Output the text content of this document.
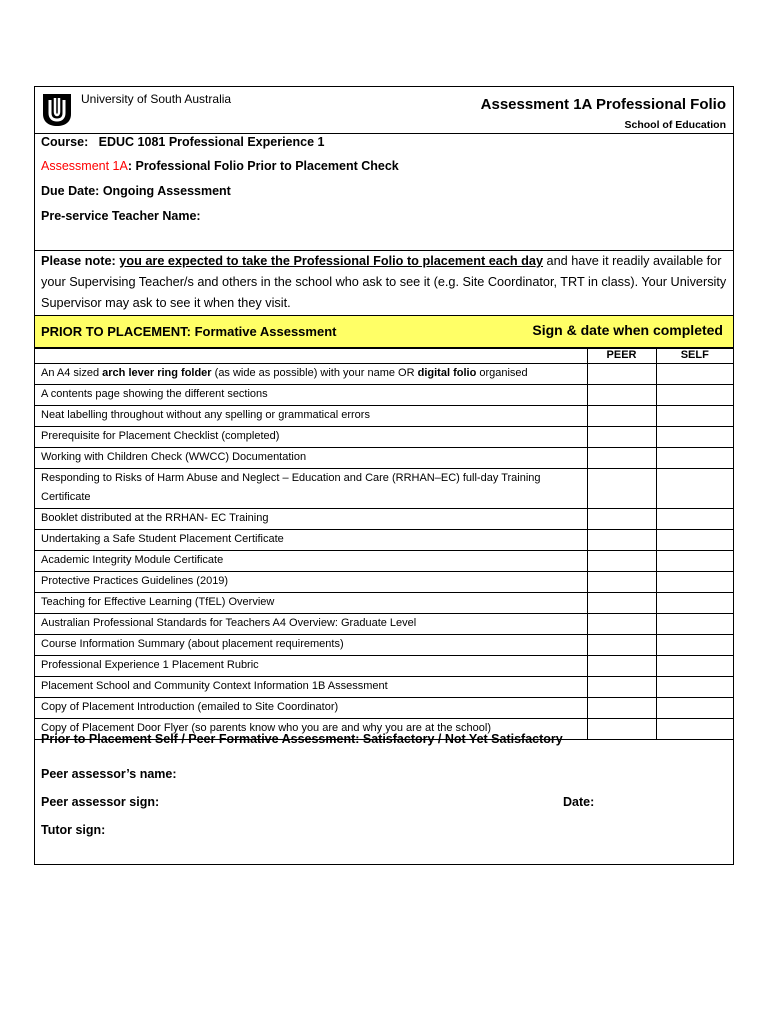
University of South Australia	Assessment 1A Professional Folio
School of Education
Course: EDUC 1081 Professional Experience 1
Assessment 1A: Professional Folio Prior to Placement Check
Due Date: Ongoing Assessment
Pre-service Teacher Name:
Please note: you are expected to take the Professional Folio to placement each day and have it readily available for your Supervising Teacher/s and others in the school who ask to see it (e.g. Site Coordinator, TRT in class). Your University Supervisor may ask to see it when they visit.
PRIOR TO PLACEMENT: Formative Assessment	Sign & date when completed
	PEER	SELF
An A4 sized arch lever ring folder (as wide as possible) with your name OR digital folio organised		
A contents page showing the different sections		
Neat labelling throughout without any spelling or grammatical errors		
Prerequisite for Placement Checklist (completed)		
Working with Children Check (WWCC) Documentation		
Responding to Risks of Harm Abuse and Neglect – Education and Care (RRHAN–EC) full-day Training Certificate		
Booklet distributed at the RRHAN- EC Training		
Undertaking a Safe Student Placement Certificate		
Academic Integrity Module Certificate		
Protective Practices Guidelines (2019)		
Teaching for Effective Learning (TfEL) Overview		
Australian Professional Standards for Teachers A4 Overview: Graduate Level		
Course Information Summary (about placement requirements)		
Professional Experience 1 Placement Rubric		
Placement School and Community Context Information 1B Assessment		
Copy of Placement Introduction (emailed to Site Coordinator)		
Copy of Placement Door Flyer (so parents know who you are and why you are at the school)		
Prior to Placement Self / Peer Formative Assessment: Satisfactory / Not Yet Satisfactory
Peer assessor’s name:
Peer assessor sign:	Date:
Tutor sign:
